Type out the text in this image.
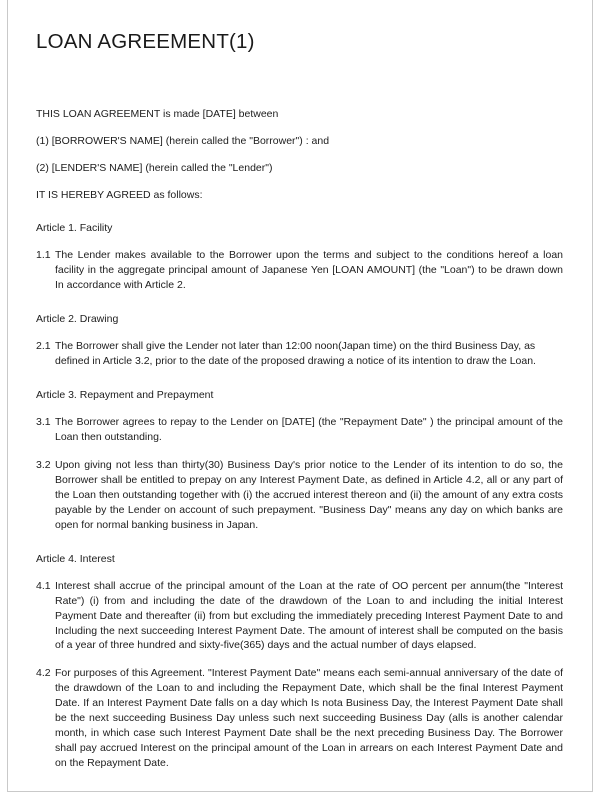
LOAN AGREEMENT(1)

THIS LOAN AGREEMENT is made [DATE] between

(1) [BORROWER'S NAME] (herein called the "Borrower") : and

(2) [LENDER'S NAME] (herein called the "Lender")

IT IS HEREBY AGREED as follows:

Article 1. Facility

1.1 The Lender makes available to the Borrower upon the terms and subject to the conditions hereof a loan facility in the aggregate principal amount of Japanese Yen [LOAN AMOUNT] (the "Loan") to be drawn down In accordance with Article 2.

Article 2. Drawing

2.1 The Borrower shall give the Lender not later than 12:00 noon(Japan time) on the third Business Day, as defined in Article 3.2, prior to the date of the proposed drawing a notice of its intention to draw the Loan.

Article 3. Repayment and Prepayment

3.1 The Borrower agrees to repay to the Lender on [DATE] (the "Repayment Date" ) the principal amount of the Loan then outstanding.
3.2 Upon giving not less than thirty(30) Business Day's prior notice to the Lender of its intention to do so, the Borrower shall be entitled to prepay on any Interest Payment Date, as defined in Article 4.2, all or any part of the Loan then outstanding together with (i) the accrued interest thereon and (ii) the amount of any extra costs payable by the Lender on account of such prepayment. "Business Day" means any day on which banks are open for normal banking business in Japan.

Article 4. Interest

4.1 Interest shall accrue of the principal amount of the Loan at the rate of OO percent per annum(the "Interest Rate") (i) from and including the date of the drawdown of the Loan to and including the initial Interest Payment Date and thereafter (ii) from but excluding the immediately preceding Interest Payment Date to and Including the next succeeding Interest Payment Date. The amount of interest shall be computed on the basis of a year of three hundred and sixty-five(365) days and the actual number of days elapsed.
4.2 For purposes of this Agreement. "Interest Payment Date" means each semi-annual anniversary of the date of the drawdown of the Loan to and including the Repayment Date, which shall be the final Interest Payment Date. If an Interest Payment Date falls on a day which Is nota Business Day, the Interest Payment Date shall be the next succeeding Business Day unless such next succeeding Business Day (alls is another calendar month, in which case such Interest Payment Date shall be the next preceding Business Day. The Borrower shall pay accrued Interest on the principal amount of the Loan in arrears on each Interest Payment Date and on the Repayment Date.
